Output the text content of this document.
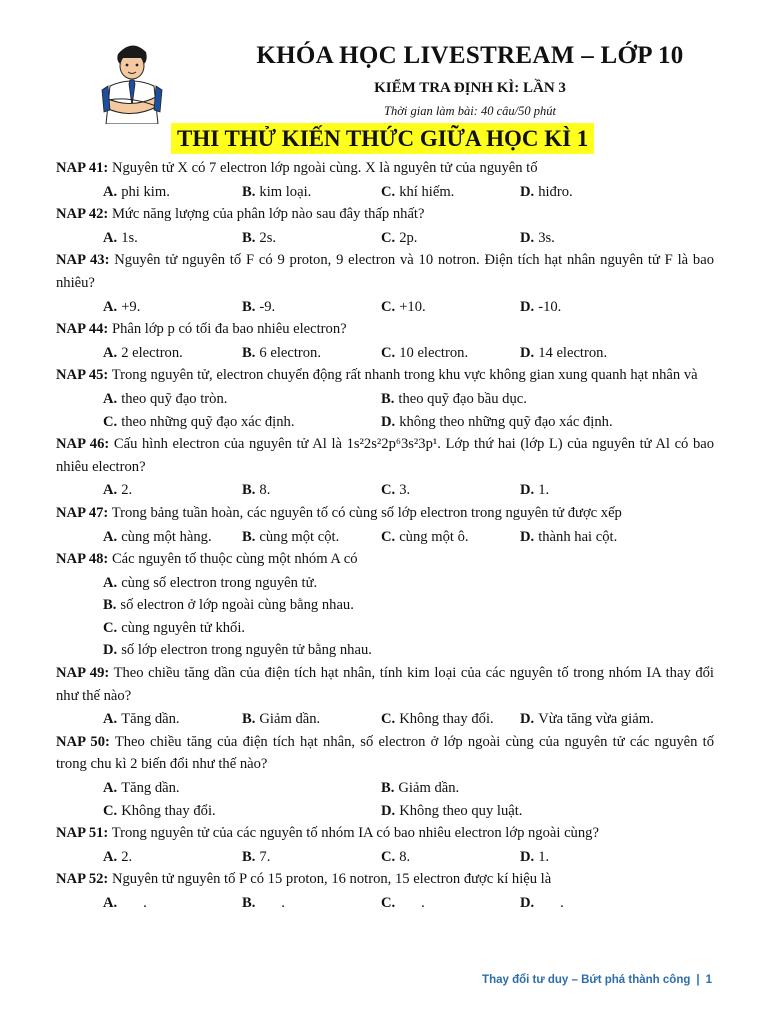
KHÓA HỌC LIVESTREAM – LỚP 10
KIỂM TRA ĐỊNH KÌ: LẦN 3
Thời gian làm bài: 40 câu/50 phút
THI THỬ KIẾN THỨC GIỮA HỌC KÌ 1
NAP 41: Nguyên tử X có 7 electron lớp ngoài cùng. X là nguyên tử của nguyên tố
A. phi kim.	B. kim loại.	C. khí hiếm.	D. hiđro.
NAP 42: Mức năng lượng của phân lớp nào sau đây thấp nhất?
A. 1s.	B. 2s.	C. 2p.	D. 3s.
NAP 43: Nguyên tử nguyên tố F có 9 proton, 9 electron và 10 notron. Điện tích hạt nhân nguyên tử F là bao nhiêu?
A. +9.	B. -9.	C. +10.	D. -10.
NAP 44: Phân lớp p có tối đa bao nhiêu electron?
A. 2 electron.	B. 6 electron.	C. 10 electron.	D. 14 electron.
NAP 45: Trong nguyên tử, electron chuyển động rất nhanh trong khu vực không gian xung quanh hạt nhân và
A. theo quỹ đạo tròn.	B. theo quỹ đạo bầu dục.
C. theo những quỹ đạo xác định.	D. không theo những quỹ đạo xác định.
NAP 46: Cấu hình electron của nguyên tử Al là 1s²2s²2p⁶3s²3p¹. Lớp thứ hai (lớp L) của nguyên tử Al có bao nhiêu electron?
A. 2.	B. 8.	C. 3.	D. 1.
NAP 47: Trong bảng tuần hoàn, các nguyên tố có cùng số lớp electron trong nguyên tử được xếp
A. cùng một hàng.	B. cùng một cột.	C. cùng một ô.	D. thành hai cột.
NAP 48: Các nguyên tố thuộc cùng một nhóm A có
A. cùng số electron trong nguyên tử.
B. số electron ở lớp ngoài cùng bằng nhau.
C. cùng nguyên tử khối.
D. số lớp electron trong nguyên tử bằng nhau.
NAP 49: Theo chiều tăng dần của điện tích hạt nhân, tính kim loại của các nguyên tố trong nhóm IA thay đổi như thế nào?
A. Tăng dần.	B. Giảm dần.	C. Không thay đổi.	D. Vừa tăng vừa giảm.
NAP 50: Theo chiều tăng của điện tích hạt nhân, số electron ở lớp ngoài cùng của nguyên tử các nguyên tố trong chu kì 2 biến đổi như thế nào?
A. Tăng dần.	B. Giảm dần.
C. Không thay đổi.	D. Không theo quy luật.
NAP 51: Trong nguyên tử của các nguyên tố nhóm IA có bao nhiêu electron lớp ngoài cùng?
A. 2.	B. 7.	C. 8.	D. 1.
NAP 52: Nguyên tử nguyên tố P có 15 proton, 16 notron, 15 electron được kí hiệu là
A.      .	B.      .	C.      .	D.      .
Thay đổi tư duy – Bứt phá thành công | 1
